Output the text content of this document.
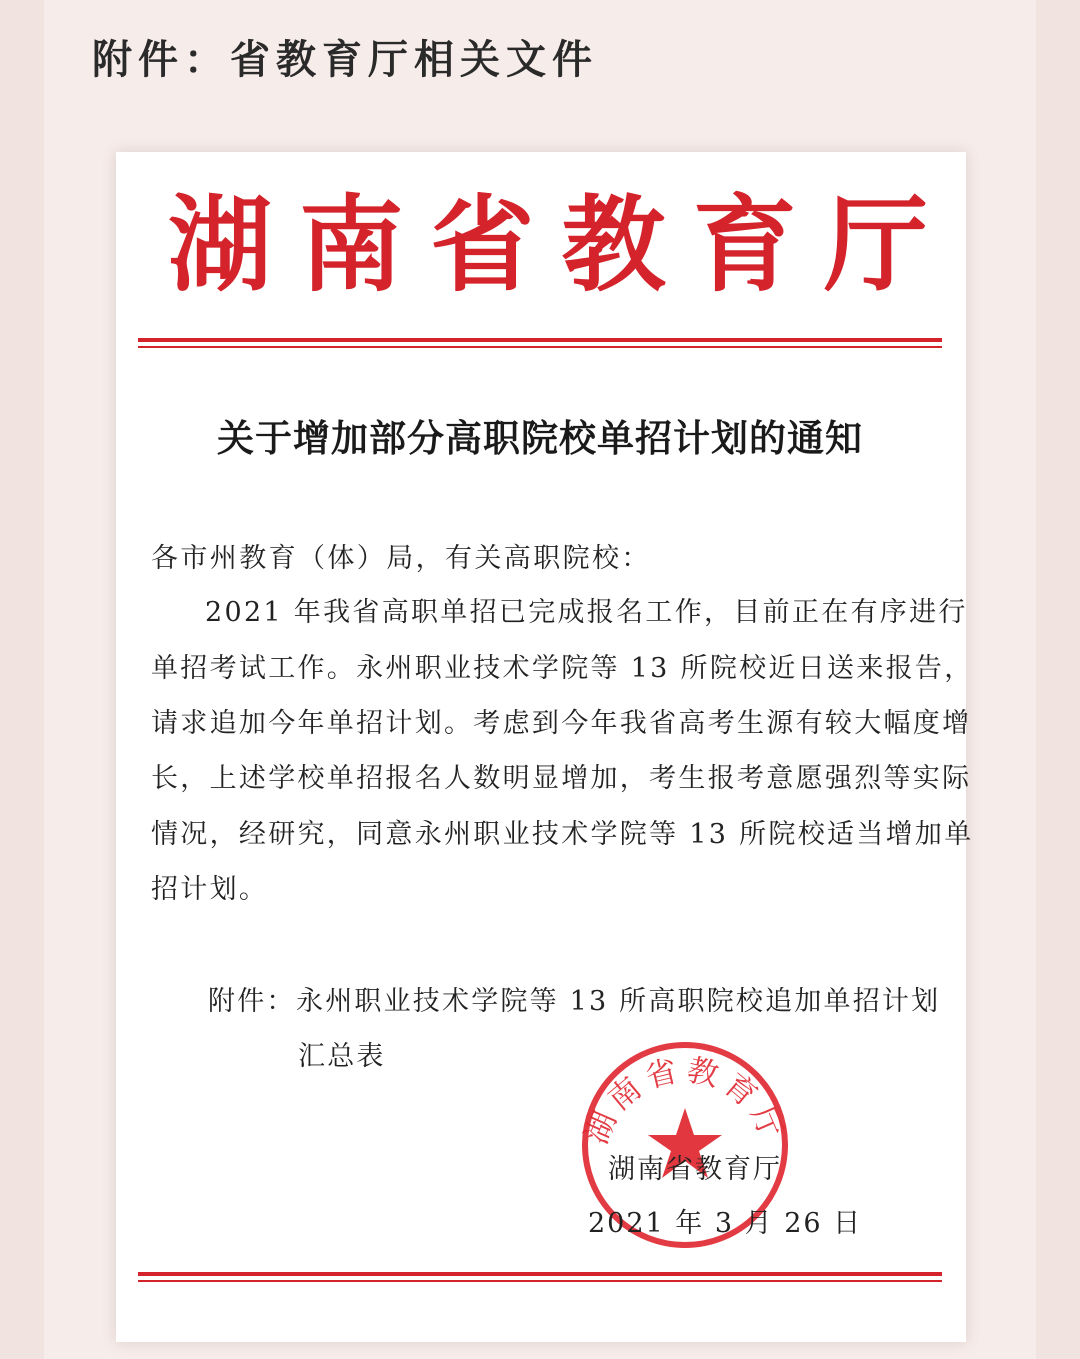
附件：省教育厅相关文件
湖 南 省 教 育 厅
关于增加部分高职院校单招计划的通知
各市州教育（体）局，有关高职院校：
2021 年我省高职单招已完成报名工作，目前正在有序进行
单招考试工作。永州职业技术学院等 13 所院校近日送来报告，
请求追加今年单招计划。考虑到今年我省高考生源有较大幅度增
长，上述学校单招报名人数明显增加，考生报考意愿强烈等实际
情况，经研究，同意永州职业技术学院等 13 所院校适当增加单
招计划。
附件： 永州职业技术学院等 13 所高职院校追加单招计划
汇总表
湖南省教育厅
湖南省教育厅
2021 年 3 月 26 日
